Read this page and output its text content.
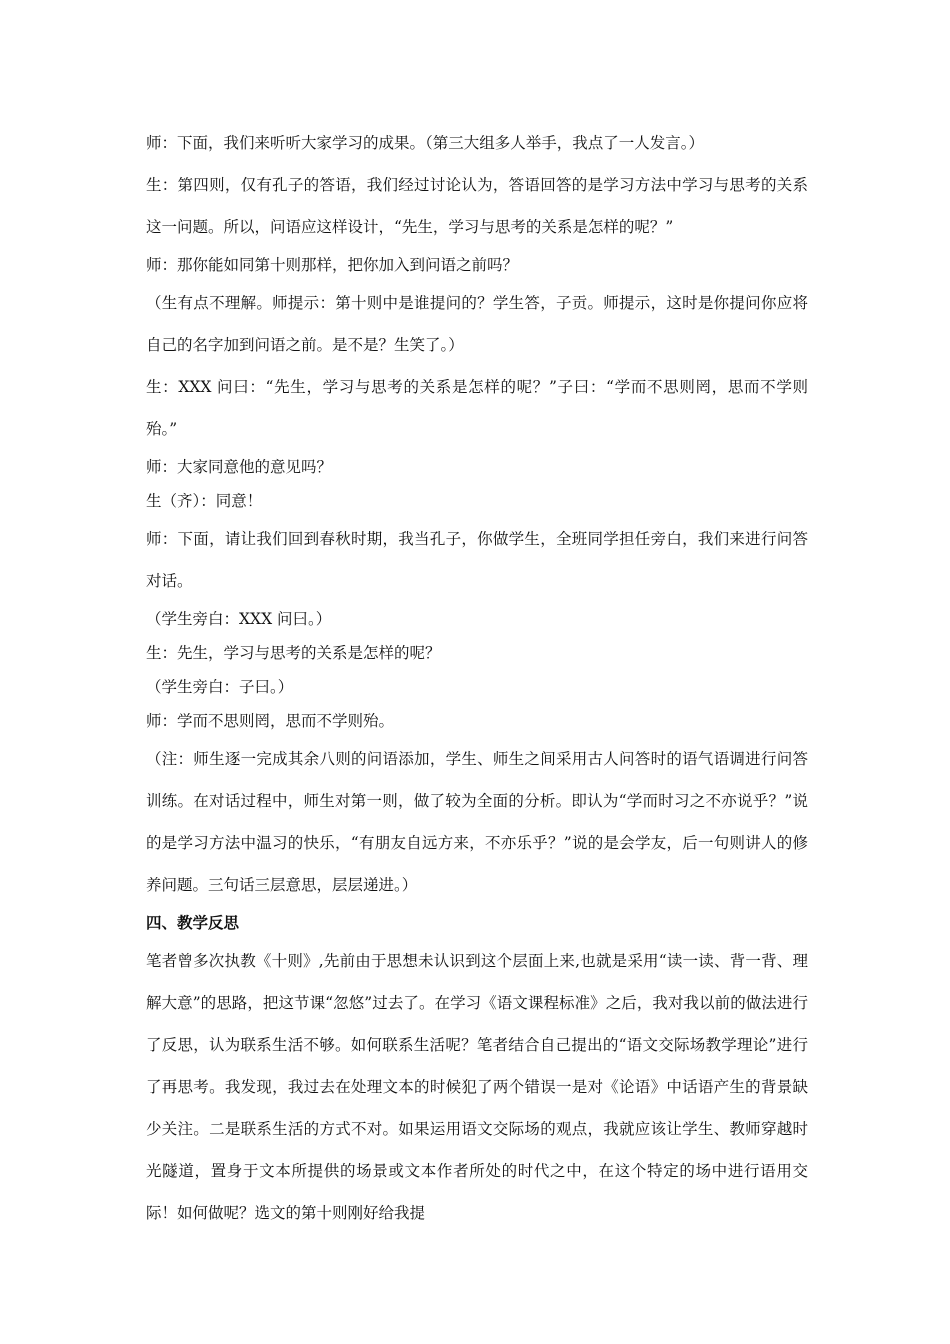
师：下面，我们来听听大家学习的成果。（第三大组多人举手，我点了一人发言。）

生：第四则，仅有孔子的答语，我们经过讨论认为，答语回答的是学习方法中学习与思考的关系这一问题。所以，问语应这样设计，“先生，学习与思考的关系是怎样的呢？”

师：那你能如同第十则那样，把你加入到问语之前吗？

（生有点不理解。师提示：第十则中是谁提问的？学生答，子贡。师提示，这时是你提问你应将自己的名字加到问语之前。是不是？生笑了。）

生：XXX 问曰：“先生，学习与思考的关系是怎样的呢？”子曰：“学而不思则罔，思而不学则殆。”

师：大家同意他的意见吗？

生（齐）：同意！

师：下面，请让我们回到春秋时期，我当孔子，你做学生，全班同学担任旁白，我们来进行问答对话。

（学生旁白：XXX 问曰。）

生：先生，学习与思考的关系是怎样的呢？

（学生旁白：子曰。）

师：学而不思则罔，思而不学则殆。

（注：师生逐一完成其余八则的问语添加，学生、师生之间采用古人问答时的语气语调进行问答训练。在对话过程中，师生对第一则，做了较为全面的分析。即认为“学而时习之不亦说乎？”说的是学习方法中温习的快乐，“有朋友自远方来，不亦乐乎？”说的是会学友，后一句则讲人的修养问题。三句话三层意思，层层递进。）

四、教学反思

笔者曾多次执教《十则》,先前由于思想未认识到这个层面上来,也就是采用“读一读、背一背、理解大意”的思路，把这节课“忽悠”过去了。在学习《语文课程标准》之后，我对我以前的做法进行了反思，认为联系生活不够。如何联系生活呢？笔者结合自己提出的“语文交际场教学理论”进行了再思考。我发现，我过去在处理文本的时候犯了两个错误一是对《论语》中话语产生的背景缺少关注。二是联系生活的方式不对。如果运用语文交际场的观点，我就应该让学生、教师穿越时光隧道，置身于文本所提供的场景或文本作者所处的时代之中，在这个特定的场中进行语用交际！如何做呢？选文的第十则刚好给我提
